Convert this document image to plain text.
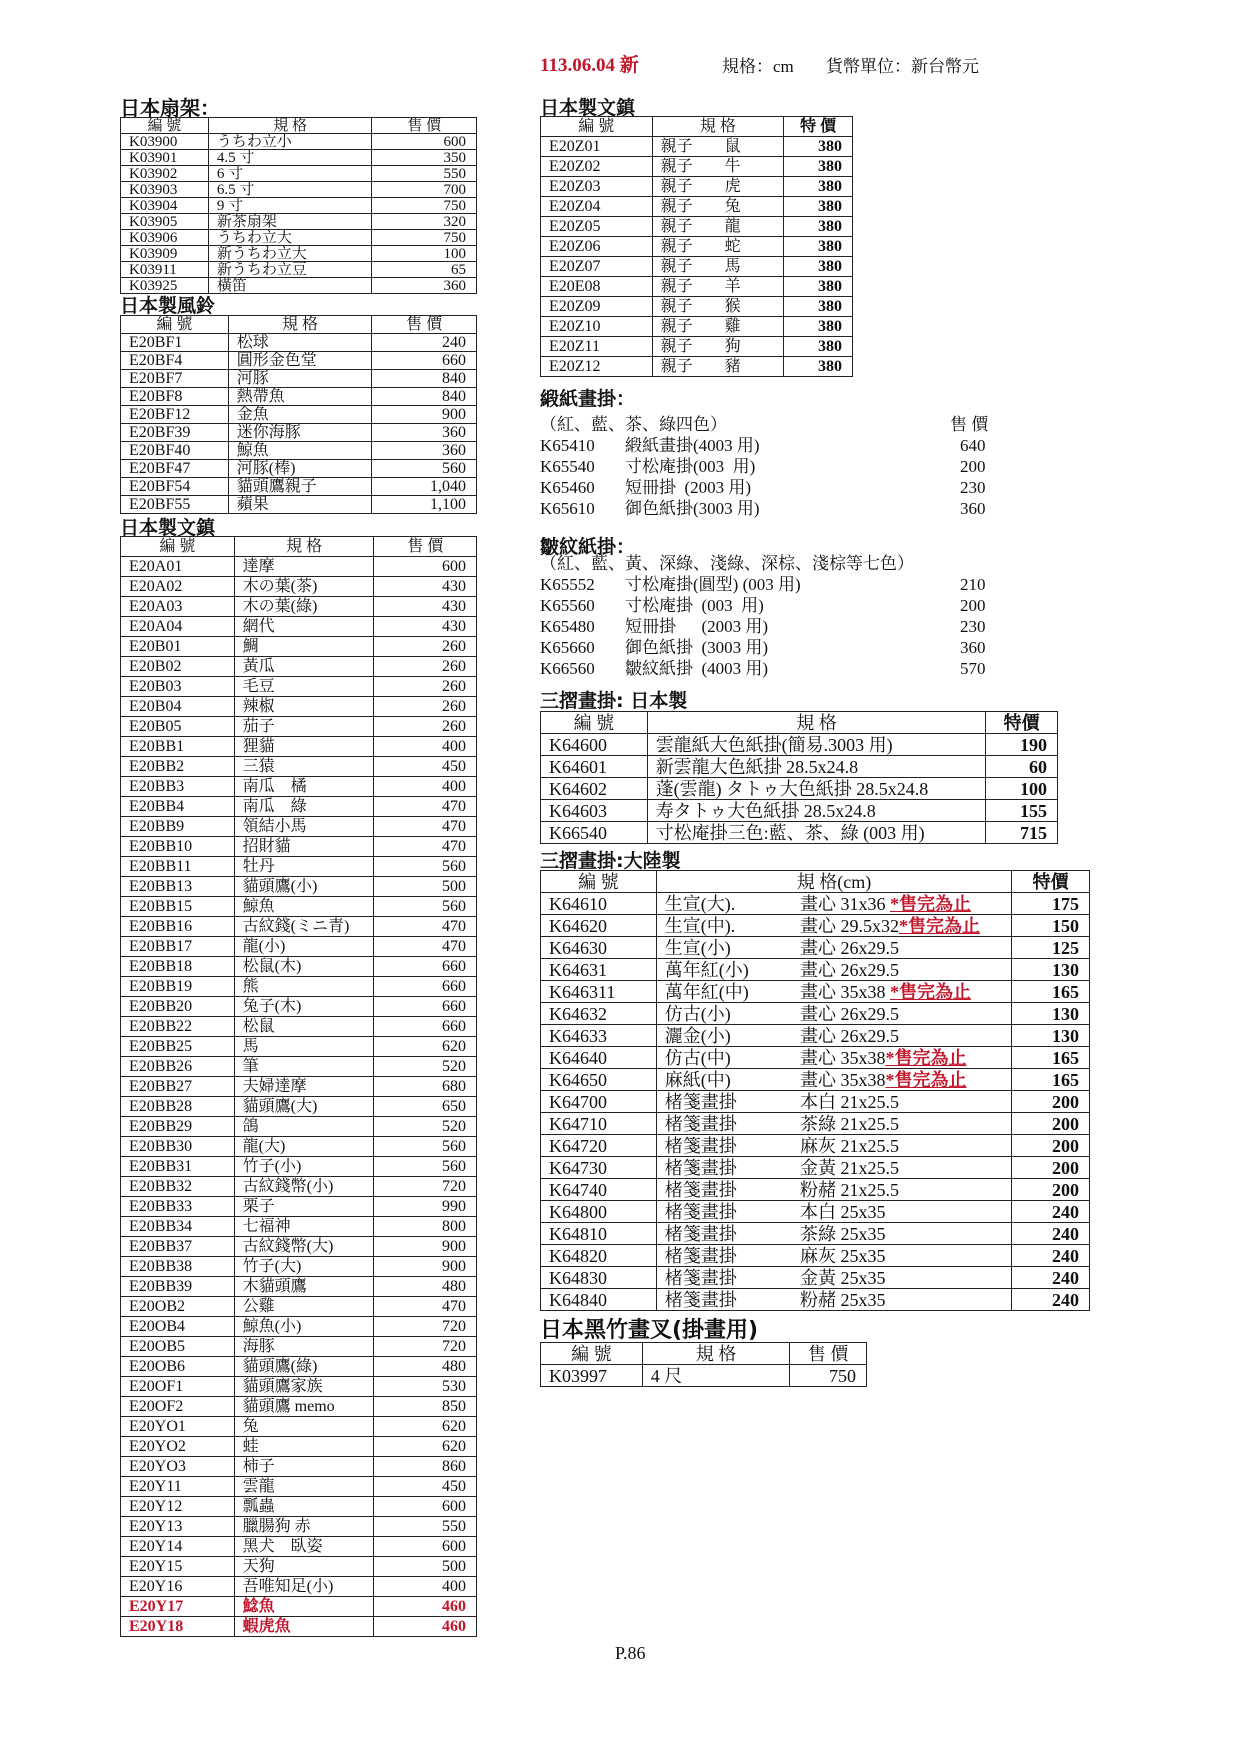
113.06.04 新	規格：cm 貨幣單位：新台幣元
日本扇架：
編 號	規 格	售 價
K03900	うちわ立小	600
K03901	4.5 寸	350
K03902	6 寸	550
K03903	6.5 寸	700
K03904	9 寸	750
K03905	新茶扇架	320
K03906	うちわ立大	750
K03909	新うちわ立大	100
K03911	新うちわ立豆	65
K03925	橫笛	360
日本製風鈴
編 號	規 格	售 價
E20BF1	松球	240
E20BF4	圓形金色堂	660
E20BF7	河豚	840
E20BF8	熱帶魚	840
E20BF12	金魚	900
E20BF39	迷你海豚	360
E20BF40	鯨魚	360
E20BF47	河豚(棒)	560
E20BF54	貓頭鷹親子	1,040
E20BF55	蘋果	1,100
日本製文鎮
編 號	規 格	售 價
E20A01	達摩	600
E20A02	木の葉(茶)	430
E20A03	木の葉(綠)	430
E20A04	網代	430
E20B01	鯛	260
E20B02	黃瓜	260
E20B03	毛豆	260
E20B04	辣椒	260
E20B05	茄子	260
E20BB1	狸貓	400
E20BB2	三猿	450
E20BB3	南瓜　橘	400
E20BB4	南瓜　綠	470
E20BB9	領結小馬	470
E20BB10	招財貓	470
E20BB11	牡丹	560
E20BB13	貓頭鷹(小)	500
E20BB15	鯨魚	560
E20BB16	古紋錢(ミニ青)	470
E20BB17	龍(小)	470
E20BB18	松鼠(木)	660
E20BB19	熊	660
E20BB20	兔子(木)	660
E20BB22	松鼠	660
E20BB25	馬	620
E20BB26	筆	520
E20BB27	夫婦達摩	680
E20BB28	貓頭鷹(大)	650
E20BB29	鴿	520
E20BB30	龍(大)	560
E20BB31	竹子(小)	560
E20BB32	古紋錢幣(小)	720
E20BB33	栗子	990
E20BB34	七福神	800
E20BB37	古紋錢幣(大)	900
E20BB38	竹子(大)	900
E20BB39	木貓頭鷹	480
E20OB2	公雞	470
E20OB4	鯨魚(小)	720
E20OB5	海豚	720
E20OB6	貓頭鷹(綠)	480
E20OF1	貓頭鷹家族	530
E20OF2	貓頭鷹 memo	850
E20YO1	兔	620
E20YO2	蛙	620
E20YO3	柿子	860
E20Y11	雲龍	450
E20Y12	瓢蟲	600
E20Y13	臘腸狗 赤	550
E20Y14	黑犬　臥姿	600
E20Y15	天狗	500
E20Y16	吾唯知足(小)	400
E20Y17	鯰魚	460
E20Y18	蝦虎魚	460
日本製文鎮
編 號	規 格	特 價
E20Z01	親子　　鼠	380
E20Z02	親子　　牛	380
E20Z03	親子　　虎	380
E20Z04	親子　　兔	380
E20Z05	親子　　龍	380
E20Z06	親子　　蛇	380
E20Z07	親子　　馬	380
E20E08	親子　　羊	380
E20Z09	親子　　猴	380
E20Z10	親子　　雞	380
E20Z11	親子　　狗	380
E20Z12	親子　　豬	380
緞紙畫掛：
（紅、藍、茶、綠四色）	售 價
K65410	緞紙畫掛(4003 用)	640
K65540	寸松庵掛(003  用)	200
K65460	短冊掛  (2003 用)	230
K65610	御色紙掛(3003 用)	360
皺紋紙掛：
（紅、藍、黃、深綠、淺綠、深棕、淺棕等七色）
K65552	寸松庵掛(圓型) (003 用)	210
K65560	寸松庵掛  (003  用)	200
K65480	短冊掛      (2003 用)	230
K65660	御色紙掛  (3003 用)	360
K66560	皺紋紙掛  (4003 用)	570
三摺畫掛: 日本製
編 號	規 格	特價
K64600	雲龍紙大色紙掛(簡易.3003 用)	190
K64601	新雲龍大色紙掛 28.5x24.8	60
K64602	蓬(雲龍) タトゥ大色紙掛 28.5x24.8	100
K64603	寿タトゥ大色紙掛 28.5x24.8	155
K66540	寸松庵掛三色:藍、茶、綠 (003 用)	715
三摺畫掛:大陸製
編 號	規 格(cm)		特價
K64610	生宣(大).	畫心 31x36 *售完為止	175
K64620	生宣(中).	畫心 29.5x32*售完為止	150
K64630	生宣(小)	畫心 26x29.5	125
K64631	萬年紅(小)	畫心 26x29.5	130
K646311	萬年紅(中)	畫心 35x38 *售完為止	165
K64632	仿古(小)	畫心 26x29.5	130
K64633	灑金(小)	畫心 26x29.5	130
K64640	仿古(中)	畫心 35x38*售完為止	165
K64650	麻紙(中)	畫心 35x38*售完為止	165
K64700	楮箋畫掛	本白 21x25.5	200
K64710	楮箋畫掛	茶綠 21x25.5	200
K64720	楮箋畫掛	麻灰 21x25.5	200
K64730	楮箋畫掛	金黃 21x25.5	200
K64740	楮箋畫掛	粉赭 21x25.5	200
K64800	楮箋畫掛	本白 25x35	240
K64810	楮箋畫掛	茶綠 25x35	240
K64820	楮箋畫掛	麻灰 25x35	240
K64830	楮箋畫掛	金黃 25x35	240
K64840	楮箋畫掛	粉赭 25x35	240
日本黑竹畫叉(掛畫用)
編 號	規 格	售 價
K03997	4 尺	750
P.86
